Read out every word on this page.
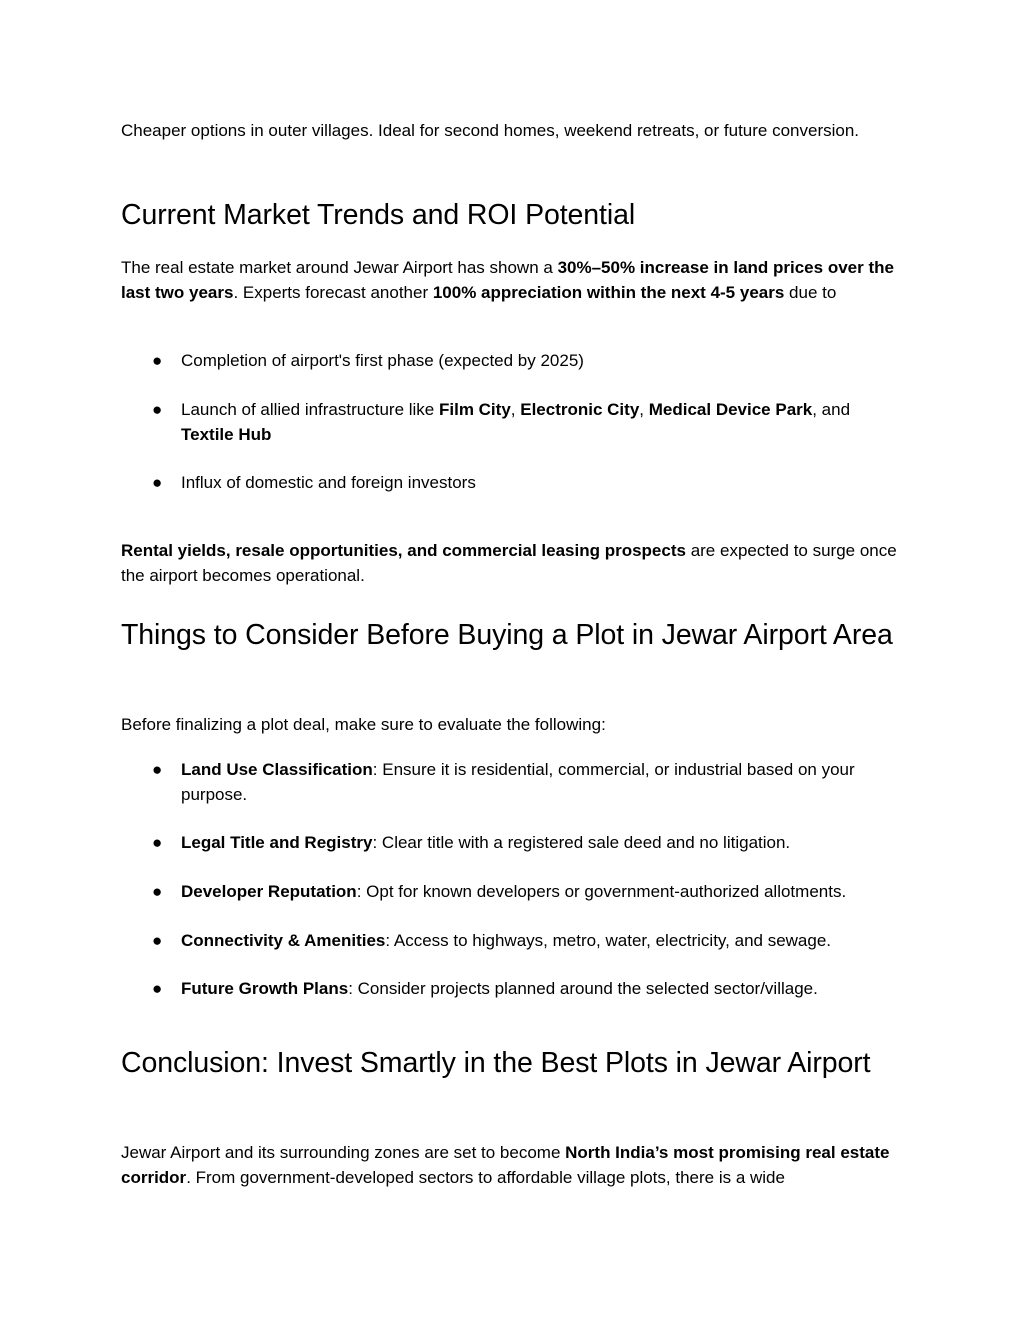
Cheaper options in outer villages. Ideal for second homes, weekend retreats, or future conversion.

Current Market Trends and ROI Potential

The real estate market around Jewar Airport has shown a 30%–50% increase in land prices over the last two years. Experts forecast another 100% appreciation within the next 4-5 years due to

● Completion of airport's first phase (expected by 2025)
● Launch of allied infrastructure like Film City, Electronic City, Medical Device Park, and Textile Hub
● Influx of domestic and foreign investors

Rental yields, resale opportunities, and commercial leasing prospects are expected to surge once the airport becomes operational.

Things to Consider Before Buying a Plot in Jewar Airport Area

Before finalizing a plot deal, make sure to evaluate the following:

● Land Use Classification: Ensure it is residential, commercial, or industrial based on your purpose.
● Legal Title and Registry: Clear title with a registered sale deed and no litigation.
● Developer Reputation: Opt for known developers or government-authorized allotments.
● Connectivity & Amenities: Access to highways, metro, water, electricity, and sewage.
● Future Growth Plans: Consider projects planned around the selected sector/village.
Conclusion: Invest Smartly in the Best Plots in Jewar Airport

Jewar Airport and its surrounding zones are set to become North India’s most promising real estate corridor. From government-developed sectors to affordable village plots, there is a wide
